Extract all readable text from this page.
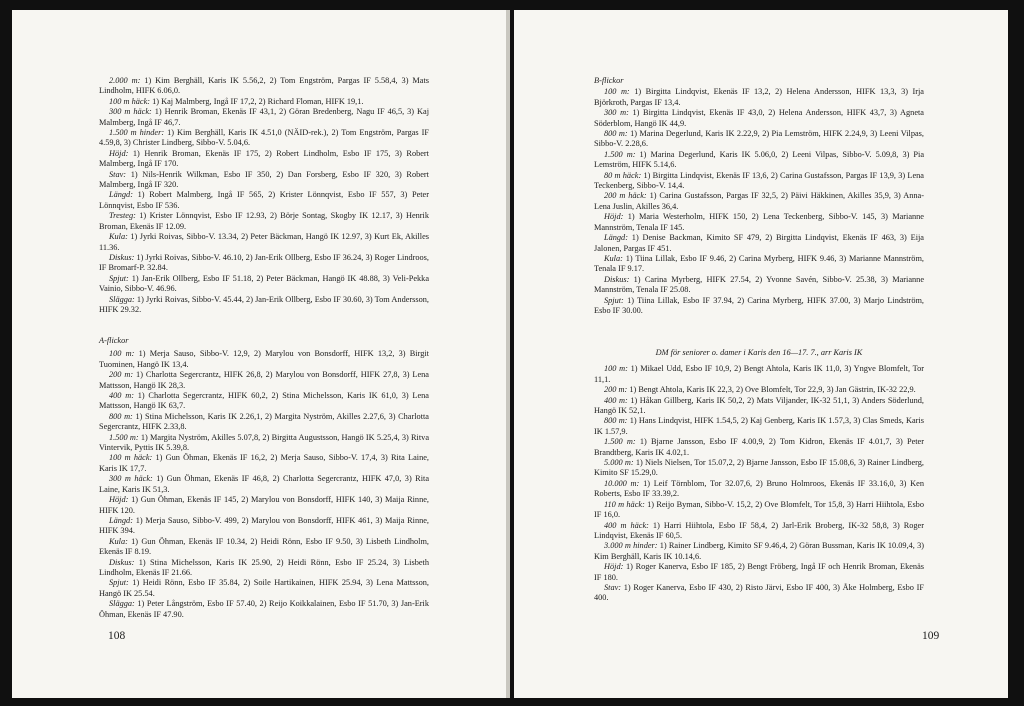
2.000 m: 1) Kim Berghäll, Karis IK 5.56,2, 2) Tom Engström, Pargas IF 5.58,4, 3) Mats Lindholm, HIFK 6.06,0.

100 m häck: 1) Kaj Malmberg, Ingå IF 17,2, 2) Richard Floman, HIFK 19,1.

300 m häck: 1) Henrik Broman, Ekenäs IF 43,1, 2) Göran Bredenberg, Nagu IF 46,5, 3) Kaj Malmberg, Ingå IF 46,7.

1.500 m hinder: 1) Kim Berghäll, Karis IK 4.51,0 (NÄID-rek.), 2) Tom Engström, Pargas IF 4.59,8, 3) Christer Lindberg, Sibbo-V. 5.04,6.

Höjd: 1) Henrik Broman, Ekenäs IF 175, 2) Robert Lindholm, Esbo IF 175, 3) Robert Malmberg, Ingå IF 170.

Stav: 1) Nils-Henrik Wilkman, Esbo IF 350, 2) Dan Forsberg, Esbo IF 320, 3) Robert Malmberg, Ingå IF 320.

Längd: 1) Robert Malmberg, Ingå IF 565, 2) Krister Lönnqvist, Esbo IF 557, 3) Peter Lönnqvist, Esbo IF 536.

Tresteg: 1) Krister Lönnqvist, Esbo IF 12.93, 2) Börje Sontag, Skogby IK 12.17, 3) Henrik Broman, Ekenäs IF 12.09.

Kula: 1) Jyrki Roivas, Sibbo-V. 13.34, 2) Peter Bäckman, Hangö IK 12.97, 3) Kurt Ek, Akilles 11.36.

Diskus: 1) Jyrki Roivas, Sibbo-V. 46.10, 2) Jan-Erik Ollberg, Esbo IF 36.24, 3) Roger Lindroos, IF Bromarf-P. 32.84.

Spjut: 1) Jan-Erik Ollberg, Esbo IF 51.18, 2) Peter Bäckman, Hangö IK 48.88, 3) Veli-Pekka Vainio, Sibbo-V. 46.96.

Slägga: 1) Jyrki Roivas, Sibbo-V. 45.44, 2) Jan-Erik Ollberg, Esbo IF 30.60, 3) Tom Andersson, HIFK 29.32.

A-flickor

100 m: 1) Merja Sauso, Sibbo-V. 12,9, 2) Marylou von Bonsdorff, HIFK 13,2, 3) Birgit Tuominen, Hangö IK 13,4.

200 m: 1) Charlotta Segercrantz, HIFK 26,8, 2) Marylou von Bonsdorff, HIFK 27,8, 3) Lena Mattsson, Hangö IK 28,3.

400 m: 1) Charlotta Segercrantz, HIFK 60,2, 2) Stina Michelsson, Karis IK 61,0, 3) Lena Mattsson, Hangö IK 63,7.

800 m: 1) Stina Michelsson, Karis IK 2.26,1, 2) Margita Nyström, Akilles 2.27,6, 3) Charlotta Segercrantz, HIFK 2.33,8.

1.500 m: 1) Margita Nyström, Akilles 5.07,8, 2) Birgitta Augustsson, Hangö IK 5.25,4, 3) Ritva Vintervik, Pyttis IK 5.39,8.

100 m häck: 1) Gun Öhman, Ekenäs IF 16,2, 2) Merja Sauso, Sibbo-V. 17,4, 3) Rita Laine, Karis IK 17,7.

300 m häck: 1) Gun Öhman, Ekenäs IF 46,8, 2) Charlotta Segercrantz, HIFK 47,0, 3) Rita Laine, Karis IK 51,3.

Höjd: 1) Gun Öhman, Ekenäs IF 145, 2) Marylou von Bonsdorff, HIFK 140, 3) Maija Rinne, HIFK 120.

Längd: 1) Merja Sauso, Sibbo-V. 499, 2) Marylou von Bonsdorff, HIFK 461, 3) Maija Rinne, HIFK 394.

Kula: 1) Gun Öhman, Ekenäs IF 10.34, 2) Heidi Rönn, Esbo IF 9.50, 3) Lisbeth Lindholm, Ekenäs IF 8.19.

Diskus: 1) Stina Michelsson, Karis IK 25.90, 2) Heidi Rönn, Esbo IF 25.24, 3) Lisbeth Lindholm, Ekenäs IF 21.66.

Spjut: 1) Heidi Rönn, Esbo IF 35.84, 2) Soile Hartikainen, HIFK 25.94, 3) Lena Mattsson, Hangö IK 25.54.

Slägga: 1) Peter Långström, Esbo IF 57.40, 2) Reijo Koikkalainen, Esbo IF 51.70, 3) Jan-Erik Öhman, Ekenäs IF 47.90.

108

B-flickor

100 m: 1) Birgitta Lindqvist, Ekenäs IF 13,2, 2) Helena Andersson, HIFK 13,3, 3) Irja Björkroth, Pargas IF 13,4.

300 m: 1) Birgitta Lindqvist, Ekenäs IF 43,0, 2) Helena Andersson, HIFK 43,7, 3) Agneta Söderblom, Hangö IK 44,9.

800 m: 1) Marina Degerlund, Karis IK 2.22,9, 2) Pia Lemström, HIFK 2.24,9, 3) Leeni Vilpas, Sibbo-V. 2.28,6.

1.500 m: 1) Marina Degerlund, Karis IK 5.06,0, 2) Leeni Vilpas, Sibbo-V. 5.09,8, 3) Pia Lemström, HIFK 5.14,6.

80 m häck: 1) Birgitta Lindqvist, Ekenäs IF 13,6, 2) Carina Gustafsson, Pargas IF 13,9, 3) Lena Teckenberg, Sibbo-V. 14,4.

200 m häck: 1) Carina Gustafsson, Pargas IF 32,5, 2) Päivi Häkkinen, Akilles 35,9, 3) Anna-Lena Juslin, Akilles 36,4.

Höjd: 1) Maria Westerholm, HIFK 150, 2) Lena Teckenberg, Sibbo-V. 145, 3) Marianne Mannström, Tenala IF 145.

Längd: 1) Denise Backman, Kimito SF 479, 2) Birgitta Lindqvist, Ekenäs IF 463, 3) Eija Jalonen, Pargas IF 451.

Kula: 1) Tiina Lillak, Esbo IF 9.46, 2) Carina Myrberg, HIFK 9.46, 3) Marianne Mannström, Tenala IF 9.17.

Diskus: 1) Carina Myrberg, HIFK 27.54, 2) Yvonne Savén, Sibbo-V. 25.38, 3) Marianne Mannström, Tenala IF 25.08.

Spjut: 1) Tiina Lillak, Esbo IF 37.94, 2) Carina Myrberg, HIFK 37.00, 3) Marjo Lindström, Esbo IF 30.00.

DM för seniorer o. damer i Karis den 16—17. 7., arr Karis IK

100 m: 1) Mikael Udd, Esbo IF 10,9, 2) Bengt Ahtola, Karis IK 11,0, 3) Yngve Blomfelt, Tor 11,1.

200 m: 1) Bengt Ahtola, Karis IK 22,3, 2) Ove Blomfelt, Tor 22,9, 3) Jan Gästrin, IK-32 22,9.

400 m: 1) Håkan Gillberg, Karis IK 50,2, 2) Mats Viljander, IK-32 51,1, 3) Anders Söderlund, Hangö IK 52,1.

800 m: 1) Hans Lindqvist, HIFK 1.54,5, 2) Kaj Genberg, Karis IK 1.57,3, 3) Clas Smeds, Karis IK 1.57,9.

1.500 m: 1) Bjarne Jansson, Esbo IF 4.00,9, 2) Tom Kidron, Ekenäs IF 4.01,7, 3) Peter Brandtberg, Karis IK 4.02,1.

5.000 m: 1) Niels Nielsen, Tor 15.07,2, 2) Bjarne Jansson, Esbo IF 15.08,6, 3) Rainer Lindberg, Kimito SF 15.29,0.

10.000 m: 1) Leif Törnblom, Tor 32.07,6, 2) Bruno Holmroos, Ekenäs IF 33.16,0, 3) Ken Roberts, Esbo IF 33.39,2.

110 m häck: 1) Reijo Byman, Sibbo-V. 15,2, 2) Ove Blomfelt, Tor 15,8, 3) Harri Hiihtola, Esbo IF 16,0.

400 m häck: 1) Harri Hiihtola, Esbo IF 58,4, 2) Jarl-Erik Broberg, IK-32 58,8, 3) Roger Lindqvist, Ekenäs IF 60,5.

3.000 m hinder: 1) Rainer Lindberg, Kimito SF 9.46,4, 2) Göran Bussman, Karis IK 10.09,4, 3) Kim Berghäll, Karis IK 10.14,6.

Höjd: 1) Roger Kanerva, Esbo IF 185, 2) Bengt Fröberg, Ingå IF och Henrik Broman, Ekenäs IF 180.

Stav: 1) Roger Kanerva, Esbo IF 430, 2) Risto Järvi, Esbo IF 400, 3) Åke Holmberg, Esbo IF 400.

109
